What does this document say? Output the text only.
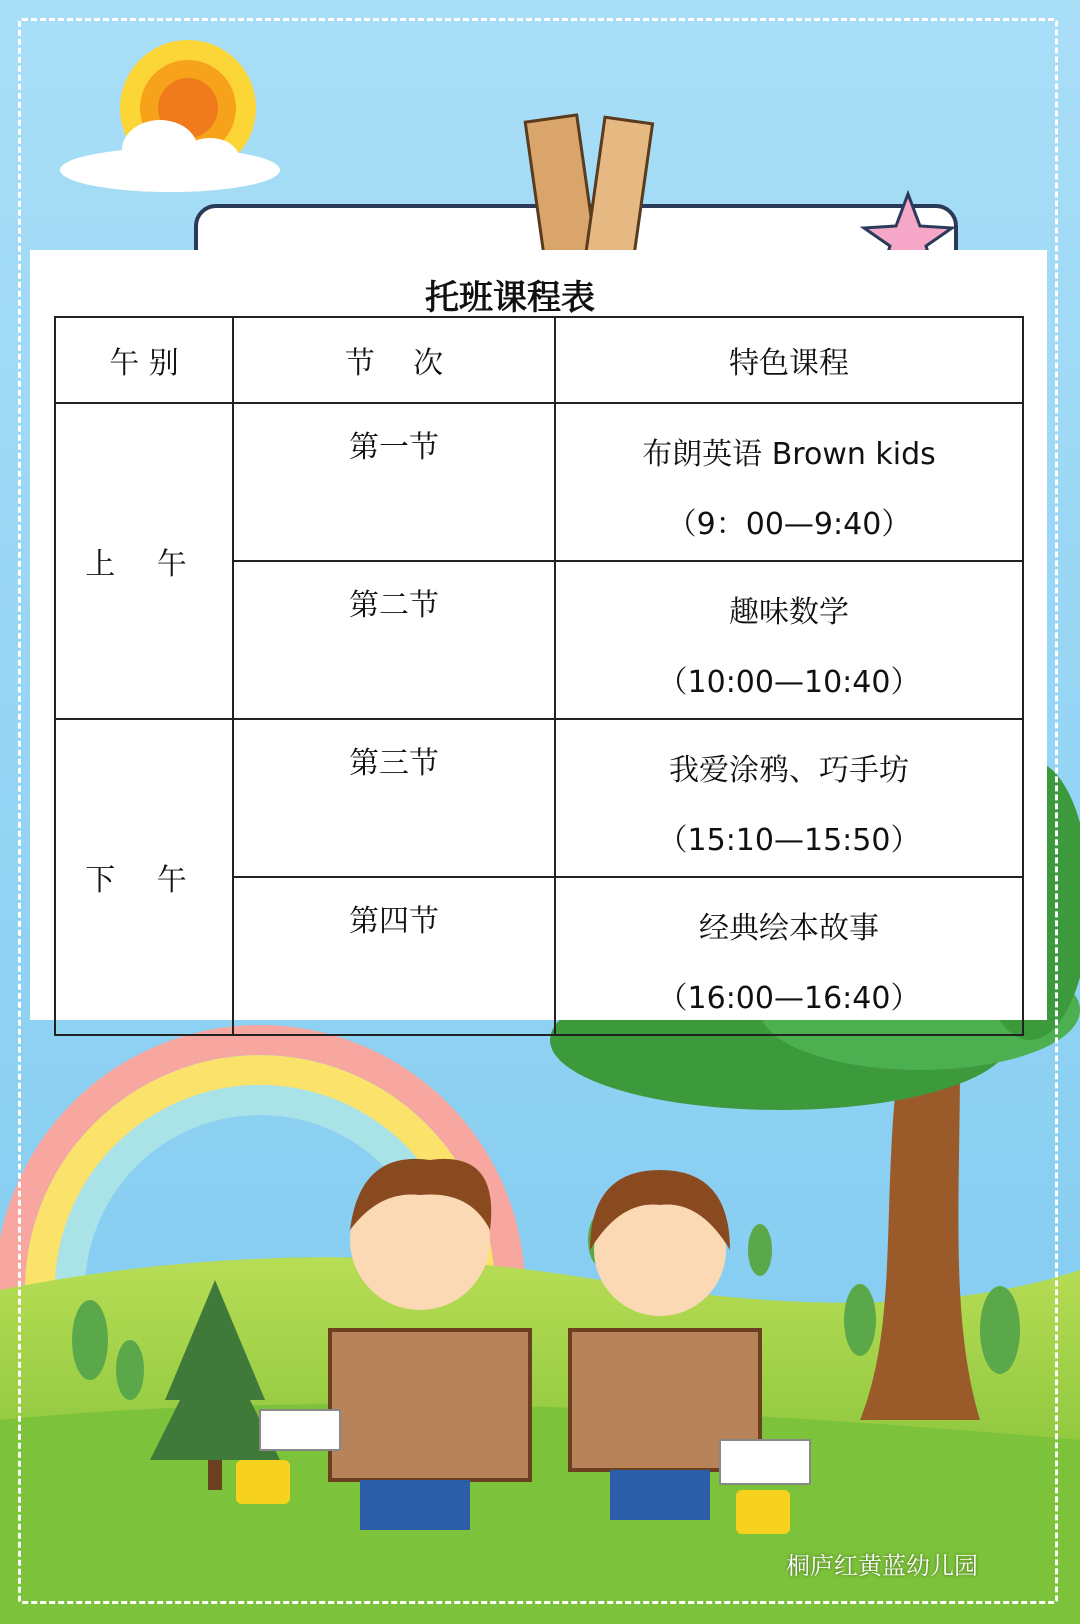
托班课程表
午 别	节    次	特色课程
上 午	第一节	布朗英语 Brown kids
（9：00—9:40）

	第二节	趣味数学
（10:00—10:40）

下 午	第三节	我爱涂鸦、巧手坊
（15:10—15:50）

	第四节	经典绘本故事
（16:00—16:40）
桐庐红黄蓝幼儿园
